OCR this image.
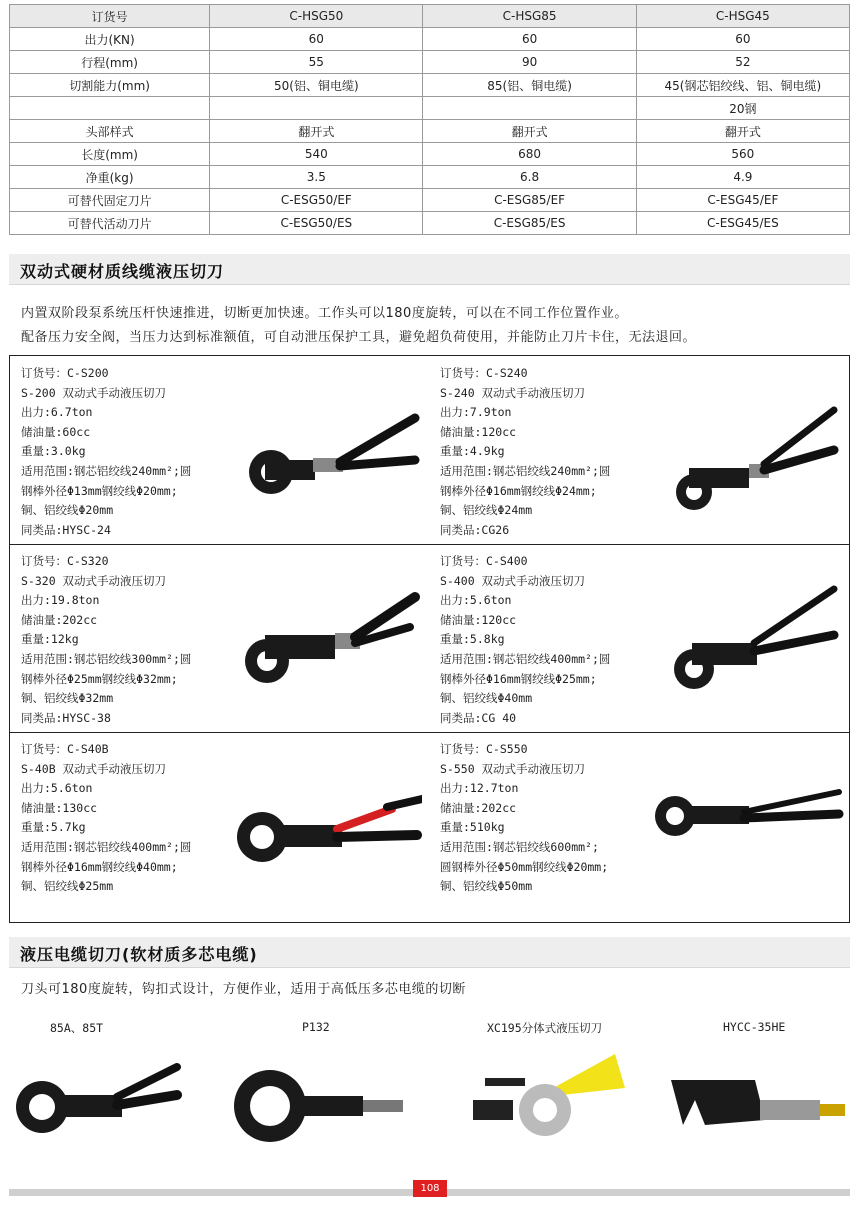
订货号	C-HSG50	C-HSG85	C-HSG45
出力(KN)	60	60	60
行程(mm)	55	90	52
切割能力(mm)	50(铝、铜电缆)	85(铝、铜电缆)	45(钢芯铝绞线、铝、铜电缆)
			20钢
头部样式	翻开式	翻开式	翻开式
长度(mm)	540	680	560
净重(kg)	3.5	6.8	4.9
可替代固定刀片	C-ESG50/EF	C-ESG85/EF	C-ESG45/EF
可替代活动刀片	C-ESG50/ES	C-ESG85/ES	C-ESG45/ES
双动式硬材质线缆液压切刀
内置双阶段泵系统压杆快速推进，切断更加快速。工作头可以180度旋转，可以在不同工作位置作业。
配备压力安全阀，当压力达到标准额值，可自动泄压保护工具，避免超负荷使用，并能防止刀片卡住，无法退回。
订货号：C-S200
S-200 双动式手动液压切刀
出力:6.7ton
储油量:60cc
重量:3.0kg
适用范围:钢芯铝绞线240mm²;圆
钢棒外径Φ13mm钢绞线Φ20mm;
铜、铝绞线Φ20mm
同类品:HYSC-24
订货号：C-S240
S-240 双动式手动液压切刀
出力:7.9ton
储油量:120cc
重量:4.9kg
适用范围:钢芯铝绞线240mm²;圆
钢棒外径Φ16mm钢绞线Φ24mm;
铜、铝绞线Φ24mm
同类品:CG26
订货号：C-S320
S-320 双动式手动液压切刀
出力:19.8ton
储油量:202cc
重量:12kg
适用范围:钢芯铝绞线300mm²;圆
钢棒外径Φ25mm钢绞线Φ32mm;
铜、铝绞线Φ32mm
同类品:HYSC-38
订货号：C-S400
S-400 双动式手动液压切刀
出力:5.6ton
储油量:120cc
重量:5.8kg
适用范围:钢芯铝绞线400mm²;圆
钢棒外径Φ16mm钢绞线Φ25mm;
铜、铝绞线Φ40mm
同类品:CG 40
订货号：C-S40B
S-40B 双动式手动液压切刀
出力:5.6ton
储油量:130cc
重量:5.7kg
适用范围:钢芯铝绞线400mm²;圆
钢棒外径Φ16mm钢绞线Φ40mm;
铜、铝绞线Φ25mm
订货号：C-S550
S-550 双动式手动液压切刀
出力:12.7ton
储油量:202cc
重量:510kg
适用范围:钢芯铝绞线600mm²;
圆钢棒外径Φ50mm钢绞线Φ20mm;
铜、铝绞线Φ50mm
液压电缆切刀(软材质多芯电缆)
刀头可180度旋转，钩扣式设计，方便作业，适用于高低压多芯电缆的切断
85A、85T	P132	XC195分体式液压切刀	HYCC-35HE
108
